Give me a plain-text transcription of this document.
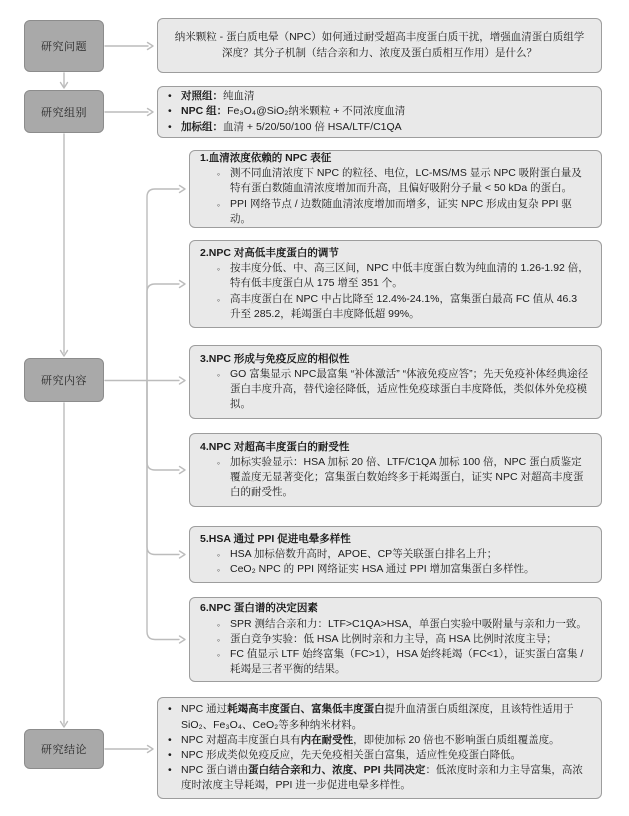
研究问题
研究组别
研究内容
研究结论
纳米颗粒 - 蛋白质电晕（NPC）如何通过耐受超高丰度蛋白质干扰，增强血清蛋白质组学深度？其分子机制（结合亲和力、浓度及蛋白质相互作用）是什么？
• 对照组：纯血清
• NPC 组：Fe₃O₄@SiO₂纳米颗粒 + 不同浓度血清
• 加标组：血清 + 5/20/50/100 倍 HSA/LTF/C1QA
1.血清浓度依赖的 NPC 表征
◦ 测不同血清浓度下 NPC 的粒径、电位，LC-MS/MS 显示 NPC 吸附蛋白量及特有蛋白数随血清浓度增加而升高，且偏好吸附分子量 < 50 kDa 的蛋白。
◦ PPI 网络节点 / 边数随血清浓度增加而增多，证实 NPC 形成由复杂 PPI 驱动。
2.NPC 对高低丰度蛋白的调节
◦ 按丰度分低、中、高三区间，NPC 中低丰度蛋白数为纯血清的 1.26-1.92 倍，特有低丰度蛋白从 175 增至 351 个。
◦ 高丰度蛋白在 NPC 中占比降至 12.4%-24.1%，富集蛋白最高 FC 值从 46.3 升至 285.2，耗竭蛋白丰度降低超 99%。
3.NPC 形成与免疫反应的相似性
◦ GO 富集显示 NPC最富集 “补体激活” “体液免疫应答”；先天免疫补体经典途径蛋白丰度升高，替代途径降低，适应性免疫球蛋白丰度降低，类似体外免疫模拟。
4.NPC 对超高丰度蛋白的耐受性
◦ 加标实验显示：HSA 加标 20 倍、LTF/C1QA 加标 100 倍，NPC 蛋白质鉴定覆盖度无显著变化；富集蛋白数始终多于耗竭蛋白，证实 NPC 对超高丰度蛋白的耐受性。
5.HSA 通过 PPI 促进电晕多样性
◦ HSA 加标倍数升高时，APOE、CP等关联蛋白排名上升；
◦ CeO₂ NPC 的 PPI 网络证实 HSA 通过 PPI 增加富集蛋白多样性。
6.NPC 蛋白谱的决定因素
◦ SPR 测结合亲和力：LTF>C1QA>HSA，单蛋白实验中吸附量与亲和力一致。
◦ 蛋白竞争实验：低 HSA 比例时亲和力主导，高 HSA 比例时浓度主导；
◦ FC 值显示 LTF 始终富集（FC>1），HSA 始终耗竭（FC<1），证实蛋白富集 / 耗竭是三者平衡的结果。
• NPC 通过耗竭高丰度蛋白、富集低丰度蛋白提升血清蛋白质组深度，且该特性适用于 SiO₂、Fe₃O₄、CeO₂等多种纳米材料。
• NPC 对超高丰度蛋白具有内在耐受性，即使加标 20 倍也不影响蛋白质组覆盖度。
• NPC 形成类似免疫反应，先天免疫相关蛋白富集，适应性免疫蛋白降低。
• NPC 蛋白谱由蛋白结合亲和力、浓度、PPI 共同决定：低浓度时亲和力主导富集，高浓度时浓度主导耗竭，PPI 进一步促进电晕多样性。
